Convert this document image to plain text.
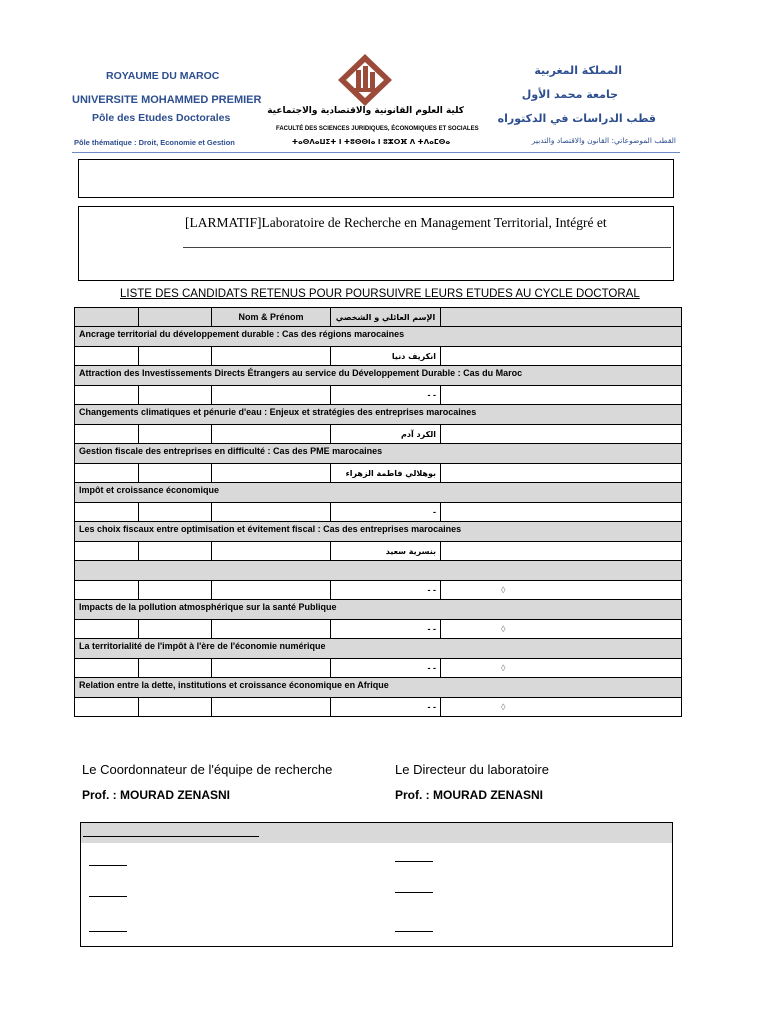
ROYAUME DU MAROC
UNIVERSITE MOHAMMED PREMIER
Pôle des Etudes Doctorales
Pôle thématique : Droit, Economie et Gestion
كلية العلوم القانونية والاقتصادية والاجتماعية
FACULTÉ DES SCIENCES JURIDIQUES, ÉCONOMIQUES ET SOCIALES
ⵜⴰⵙⴷⴰⵡⵉⵜ ⵏ ⵜⵓⵙⵙⵏⴰ ⵏ ⵓⵣⵔⴼ ⴷ ⵜⴷⴰⵎⵙⴰ
المملكة المغربية
جامعة محمد الأول
قطب الدراسات في الدكتوراه
القطب الموضوعاتي: القانون والاقتصاد والتدبير
[LARMATIF]Laboratoire de Recherche en Management Territorial, Intégré et
LISTE DES CANDIDATS RETENUS POUR POURSUIVRE LEURS ETUDES AU CYCLE DOCTORAL
		Nom & Prénom	الإسم العائلي و الشخصي	
Ancrage territorial du développement durable : Cas des régions marocaines				
			انكريف دنيا	
Attraction des Investissements Directs Étrangers au service du Développement Durable : Cas du Maroc				
			- -	
Changements climatiques et pénurie d'eau : Enjeux et stratégies des entreprises marocaines				
			الكرد آدم	
Gestion fiscale des entreprises en difficulté : Cas des PME marocaines				
			بوهلالي فاطمة الزهراء	
Impôt et croissance économique				
			-	
Les choix fiscaux entre optimisation et évitement fiscal : Cas des entreprises marocaines				
			بنسرية سعيد	

			- -	◊
Impacts de la pollution atmosphérique sur la santé Publique				
			- -	◊
La territorialité de l'impôt à l'ère de l'économie numérique				
			- -	◊
Relation entre la dette, institutions et croissance économique en Afrique				
			- -	◊
Le Coordonnateur de l'équipe de recherche
Prof. : MOURAD ZENASNI
Le Directeur du laboratoire
Prof. : MOURAD ZENASNI
